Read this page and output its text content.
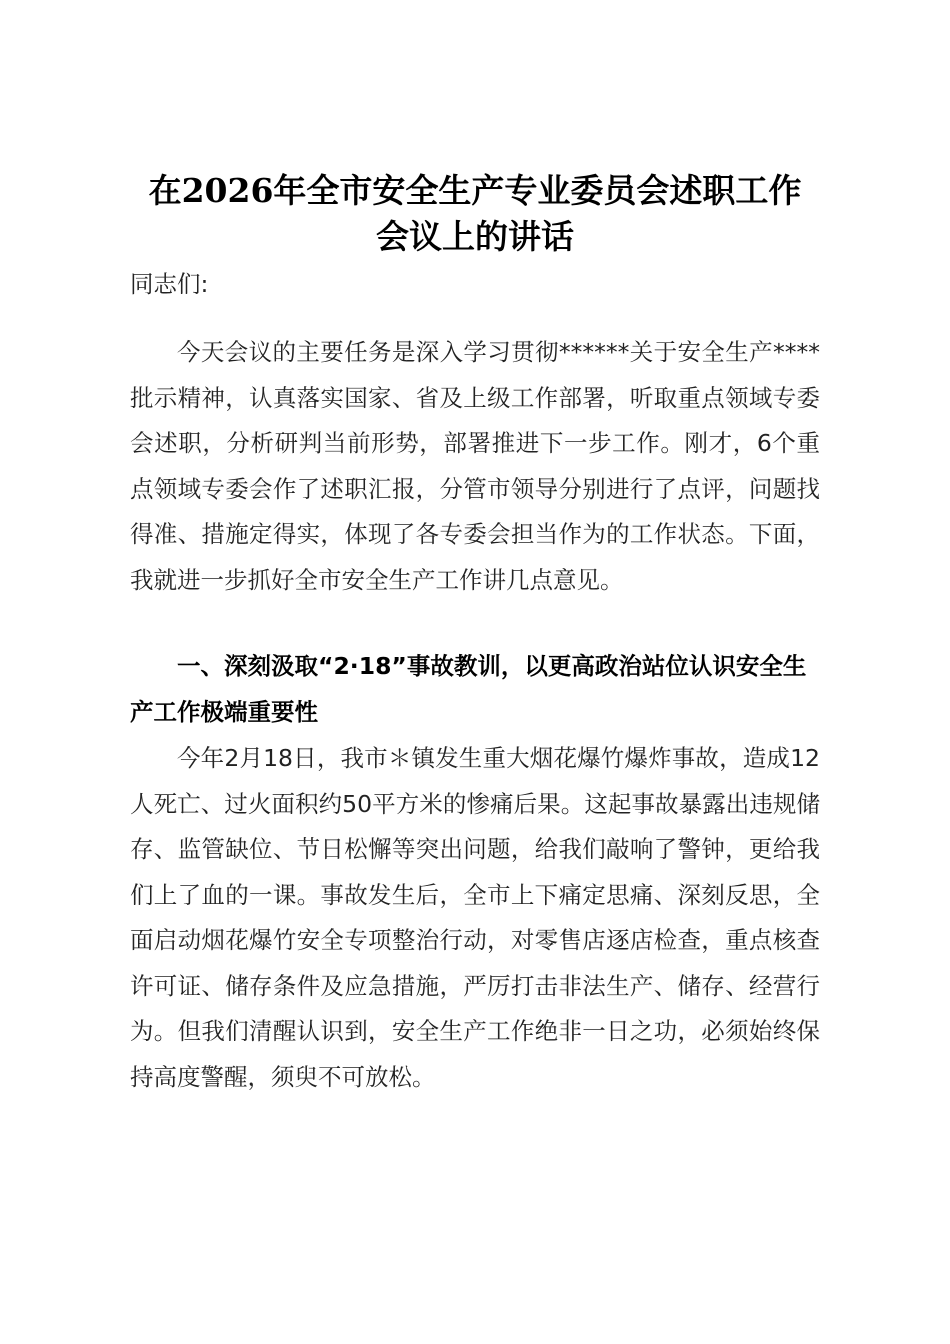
在2026年全市安全生产专业委员会述职工作
会议上的讲话

同志们:

今天会议的主要任务是深入学习贯彻******关于安全生产****批示精神，认真落实国家、省及上级工作部署，听取重点领域专委会述职，分析研判当前形势，部署推进下一步工作。刚才，6个重点领域专委会作了述职汇报，分管市领导分别进行了点评，问题找得准、措施定得实，体现了各专委会担当作为的工作状态。下面，我就进一步抓好全市安全生产工作讲几点意见。

一、深刻汲取“2·18”事故教训，以更高政治站位认识安全生产工作极端重要性

今年2月18日，我市＊镇发生重大烟花爆竹爆炸事故，造成12人死亡、过火面积约50平方米的惨痛后果。这起事故暴露出违规储存、监管缺位、节日松懈等突出问题，给我们敲响了警钟，更给我们上了血的一课。事故发生后，全市上下痛定思痛、深刻反思，全面启动烟花爆竹安全专项整治行动，对零售店逐店检查，重点核查许可证、储存条件及应急措施，严厉打击非法生产、储存、经营行为。但我们清醒认识到，安全生产工作绝非一日之功，必须始终保持高度警醒，须臾不可放松。
